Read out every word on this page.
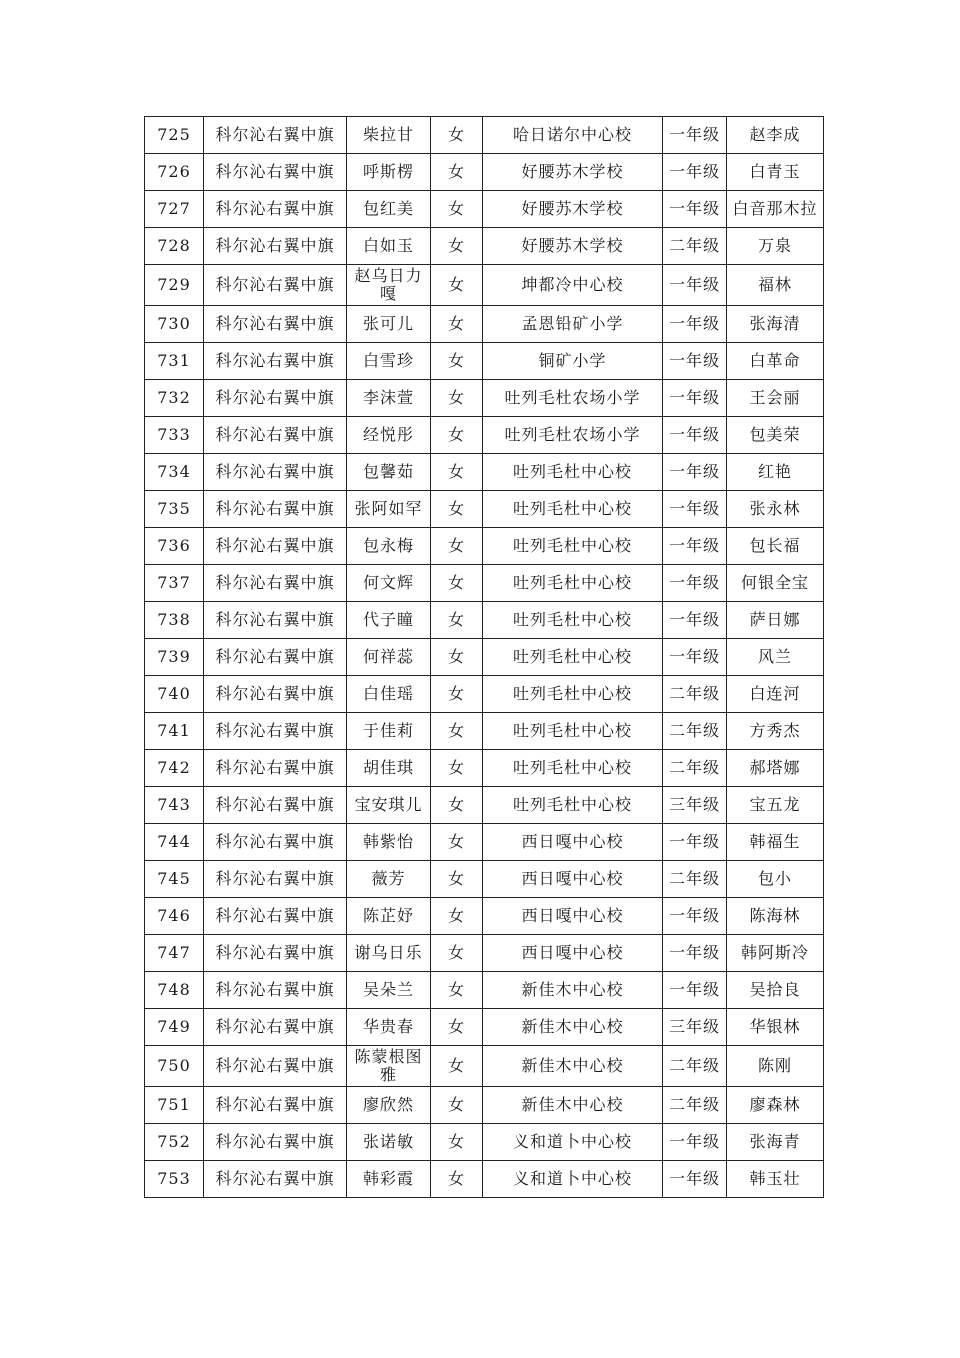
725	科尔沁右翼中旗	柴拉甘	女	哈日诺尔中心校	一年级	赵李成
726	科尔沁右翼中旗	呼斯楞	女	好腰苏木学校	一年级	白青玉
727	科尔沁右翼中旗	包红美	女	好腰苏木学校	一年级	白音那木拉
728	科尔沁右翼中旗	白如玉	女	好腰苏木学校	二年级	万泉
729	科尔沁右翼中旗	赵乌日力嘎	女	坤都冷中心校	一年级	福林
730	科尔沁右翼中旗	张可儿	女	孟恩铅矿小学	一年级	张海清
731	科尔沁右翼中旗	白雪珍	女	铜矿小学	一年级	白革命
732	科尔沁右翼中旗	李沫萱	女	吐列毛杜农场小学	一年级	王会丽
733	科尔沁右翼中旗	经悦彤	女	吐列毛杜农场小学	一年级	包美荣
734	科尔沁右翼中旗	包馨茹	女	吐列毛杜中心校	一年级	红艳
735	科尔沁右翼中旗	张阿如罕	女	吐列毛杜中心校	一年级	张永林
736	科尔沁右翼中旗	包永梅	女	吐列毛杜中心校	一年级	包长福
737	科尔沁右翼中旗	何文辉	女	吐列毛杜中心校	一年级	何银全宝
738	科尔沁右翼中旗	代子瞳	女	吐列毛杜中心校	一年级	萨日娜
739	科尔沁右翼中旗	何祥蕊	女	吐列毛杜中心校	一年级	风兰
740	科尔沁右翼中旗	白佳瑶	女	吐列毛杜中心校	二年级	白连河
741	科尔沁右翼中旗	于佳莉	女	吐列毛杜中心校	二年级	方秀杰
742	科尔沁右翼中旗	胡佳琪	女	吐列毛杜中心校	二年级	郝塔娜
743	科尔沁右翼中旗	宝安琪儿	女	吐列毛杜中心校	三年级	宝五龙
744	科尔沁右翼中旗	韩紫怡	女	西日嘎中心校	一年级	韩福生
745	科尔沁右翼中旗	薇芳	女	西日嘎中心校	二年级	包小
746	科尔沁右翼中旗	陈芷妤	女	西日嘎中心校	一年级	陈海林
747	科尔沁右翼中旗	谢乌日乐	女	西日嘎中心校	一年级	韩阿斯冷
748	科尔沁右翼中旗	吴朵兰	女	新佳木中心校	一年级	吴拾良
749	科尔沁右翼中旗	华贵春	女	新佳木中心校	三年级	华银林
750	科尔沁右翼中旗	陈蒙根图雅	女	新佳木中心校	二年级	陈刚
751	科尔沁右翼中旗	廖欣然	女	新佳木中心校	二年级	廖森林
752	科尔沁右翼中旗	张诺敏	女	义和道卜中心校	一年级	张海青
753	科尔沁右翼中旗	韩彩霞	女	义和道卜中心校	一年级	韩玉壮
